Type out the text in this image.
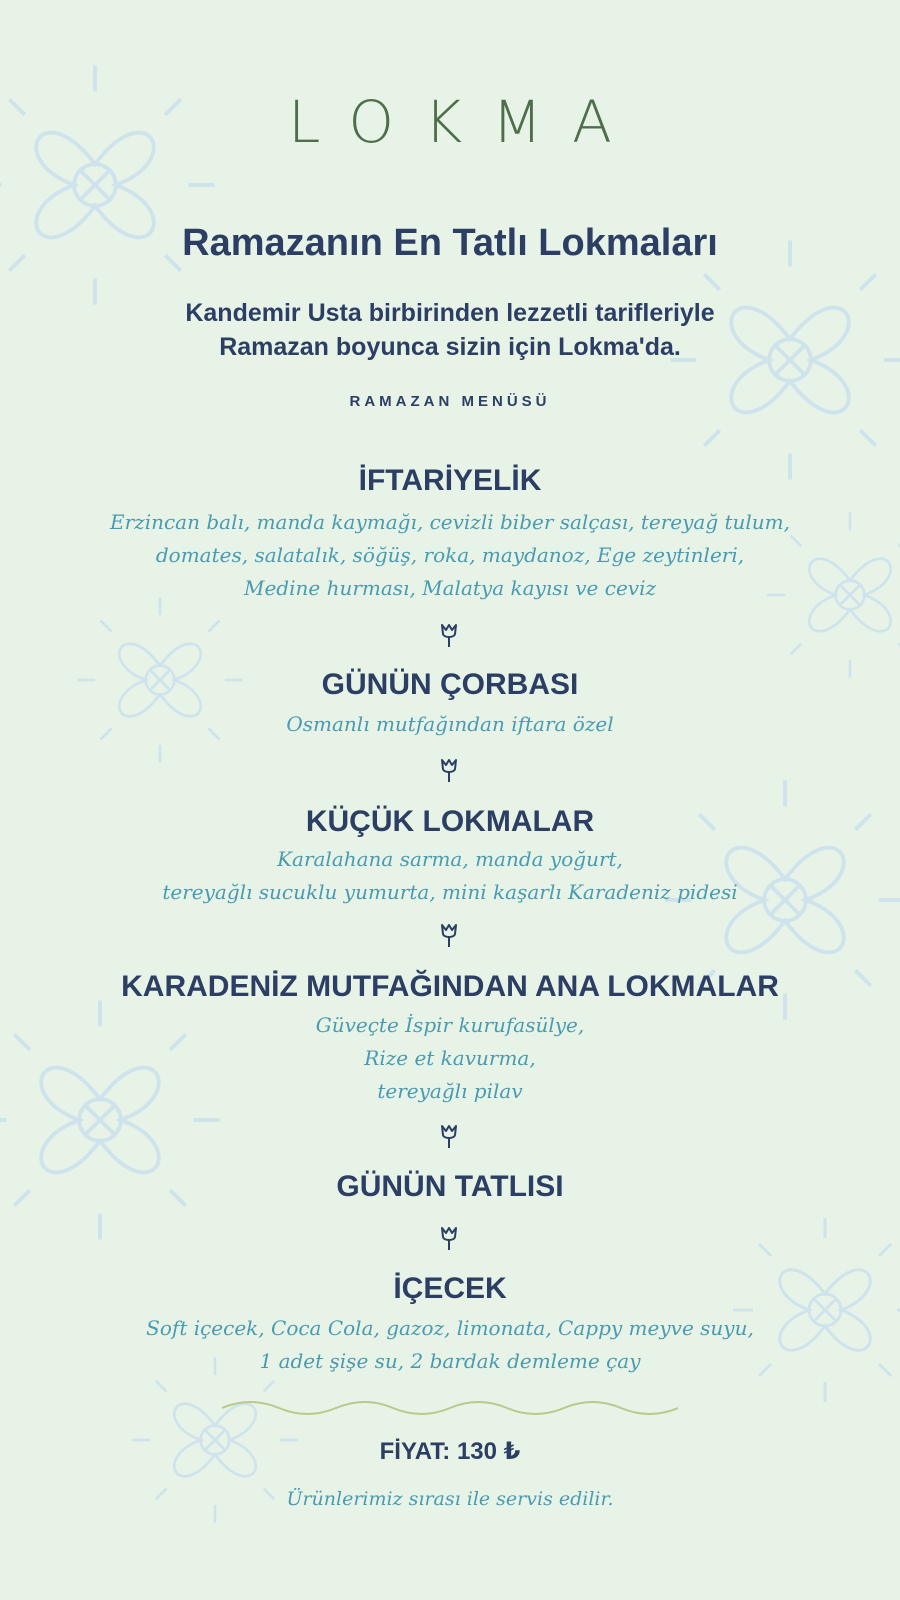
LOKMA
Ramazanın En Tatlı Lokmaları
Kandemir Usta birbirinden lezzetli tarifleriyle
Ramazan boyunca sizin için Lokma'da.
RAMAZAN MENÜSÜ
İFTARİYELİK
Erzincan balı, manda kaymağı, cevizli biber salçası, tereyağ tulum,
domates, salatalık, söğüş, roka, maydanoz, Ege zeytinleri,
Medine hurması, Malatya kayısı ve ceviz
GÜNÜN ÇORBASI
Osmanlı mutfağından iftara özel
KÜÇÜK LOKMALAR
Karalahana sarma, manda yoğurt,
tereyağlı sucuklu yumurta, mini kaşarlı Karadeniz pidesi
KARADENİZ MUTFAĞINDAN ANA LOKMALAR
Güveçte İspir kurufasülye,
Rize et kavurma,
tereyağlı pilav
GÜNÜN TATLISI
İÇECEK
Soft içecek, Coca Cola, gazoz, limonata, Cappy meyve suyu,
1 adet şişe su, 2 bardak demleme çay
FİYAT: 130 ₺
Ürünlerimiz sırası ile servis edilir.
